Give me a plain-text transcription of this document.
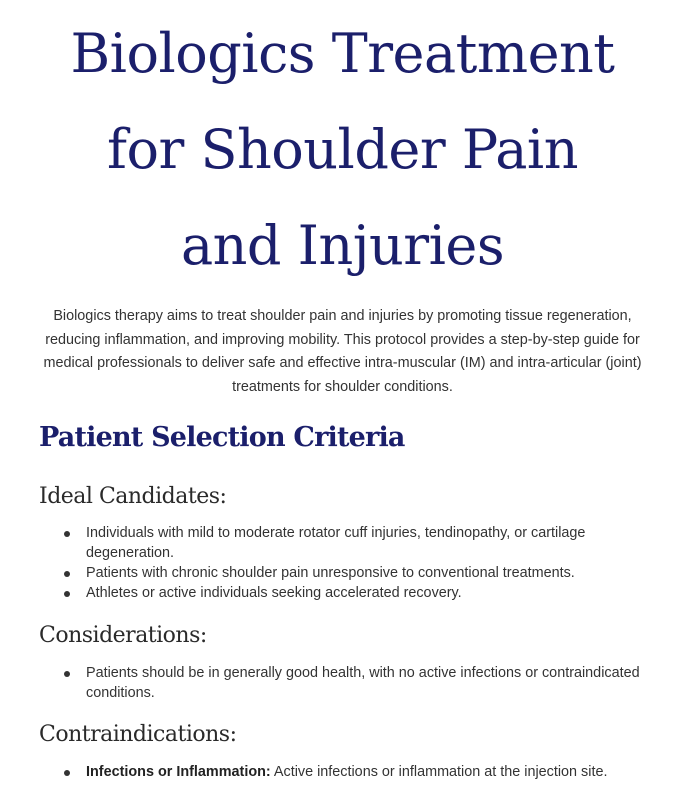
Biologics Treatment
for Shoulder Pain
and Injuries

Biologics therapy aims to treat shoulder pain and injuries by promoting tissue regeneration, reducing inflammation, and improving mobility. This protocol provides a step-by-step guide for medical professionals to deliver safe and effective intra-muscular (IM) and intra-articular (joint) treatments for shoulder conditions.

Patient Selection Criteria
Ideal Candidates:
Individuals with mild to moderate rotator cuff injuries, tendinopathy, or cartilage degeneration.
Patients with chronic shoulder pain unresponsive to conventional treatments.
Athletes or active individuals seeking accelerated recovery.
Considerations:
Patients should be in generally good health, with no active infections or contraindicated conditions.
Contraindications:
Infections or Inflammation: Active infections or inflammation at the injection site.
